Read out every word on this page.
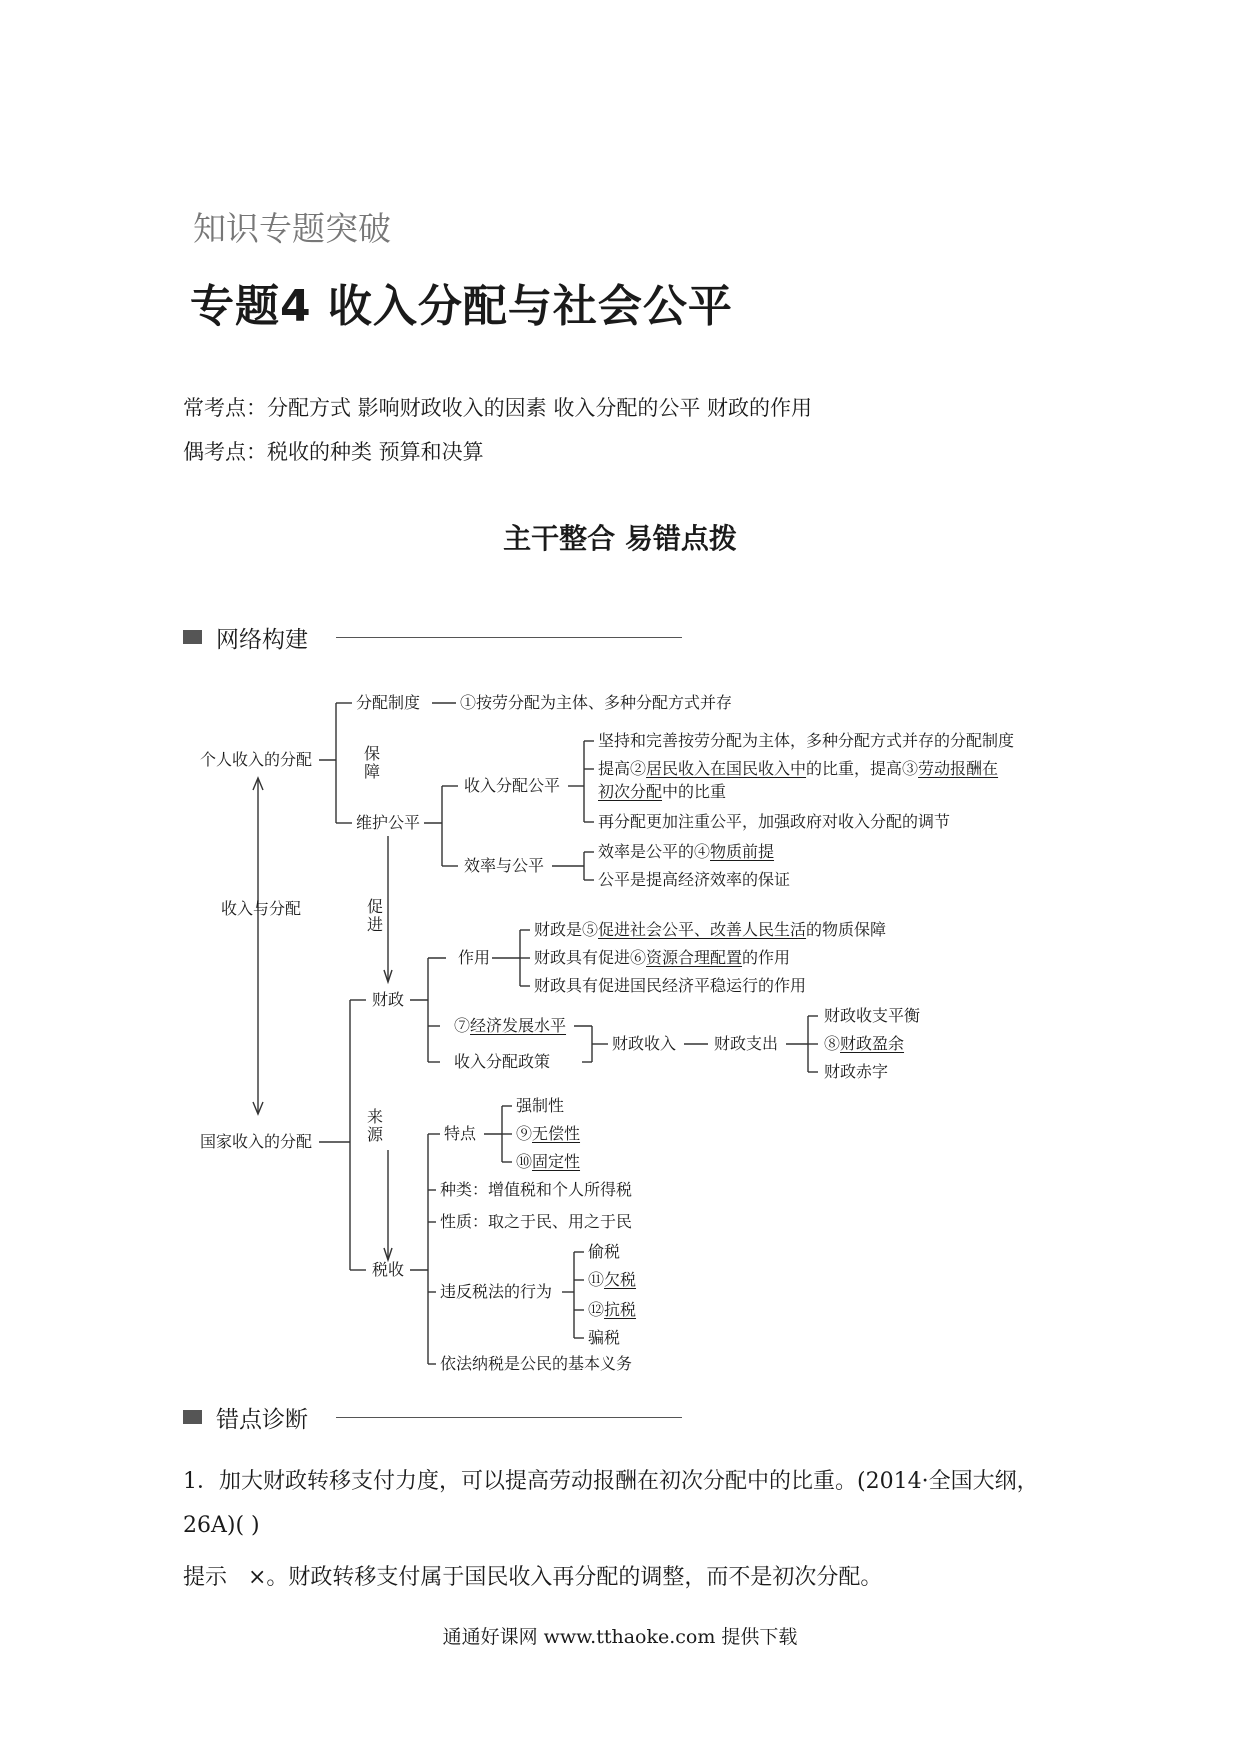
知识专题突破
专题4 收入分配与社会公平
常考点：分配方式 影响财政收入的因素 收入分配的公平 财政的作用
偶考点：税收的种类 预算和决算
主干整合 易错点拨
网络构建
个人收入的分配
收入与分配
国家收入的分配
分配制度 ①按劳分配为主体、多种分配方式并存
保障
维护公平
收入分配公平
坚持和完善按劳分配为主体，多种分配方式并存的分配制度
提高②居民收入在国民收入中的比重，提高③劳动报酬在
初次分配中的比重
再分配更加注重公平，加强政府对收入分配的调节
效率与公平
效率是公平的④物质前提
公平是提高经济效率的保证
促进
财政
作用
财政是⑤促进社会公平、改善人民生活的物质保障
财政具有促进⑥资源合理配置的作用
财政具有促进国民经济平稳运行的作用
⑦经济发展水平
收入分配政策
财政收入 财政支出
财政收支平衡
⑧财政盈余
财政赤字
来源
税收
特点
强制性
⑨无偿性
⑩固定性
种类：增值税和个人所得税
性质：取之于民、用之于民
违反税法的行为
偷税
⑪欠税
⑫抗税
骗税
依法纳税是公民的基本义务
错点诊断
1．加大财政转移支付力度，可以提高劳动报酬在初次分配中的比重。(2014·全国大纲，
26A)( )
提示 ×。财政转移支付属于国民收入再分配的调整，而不是初次分配。
通通好课网 www.tthaoke.com 提供下载
